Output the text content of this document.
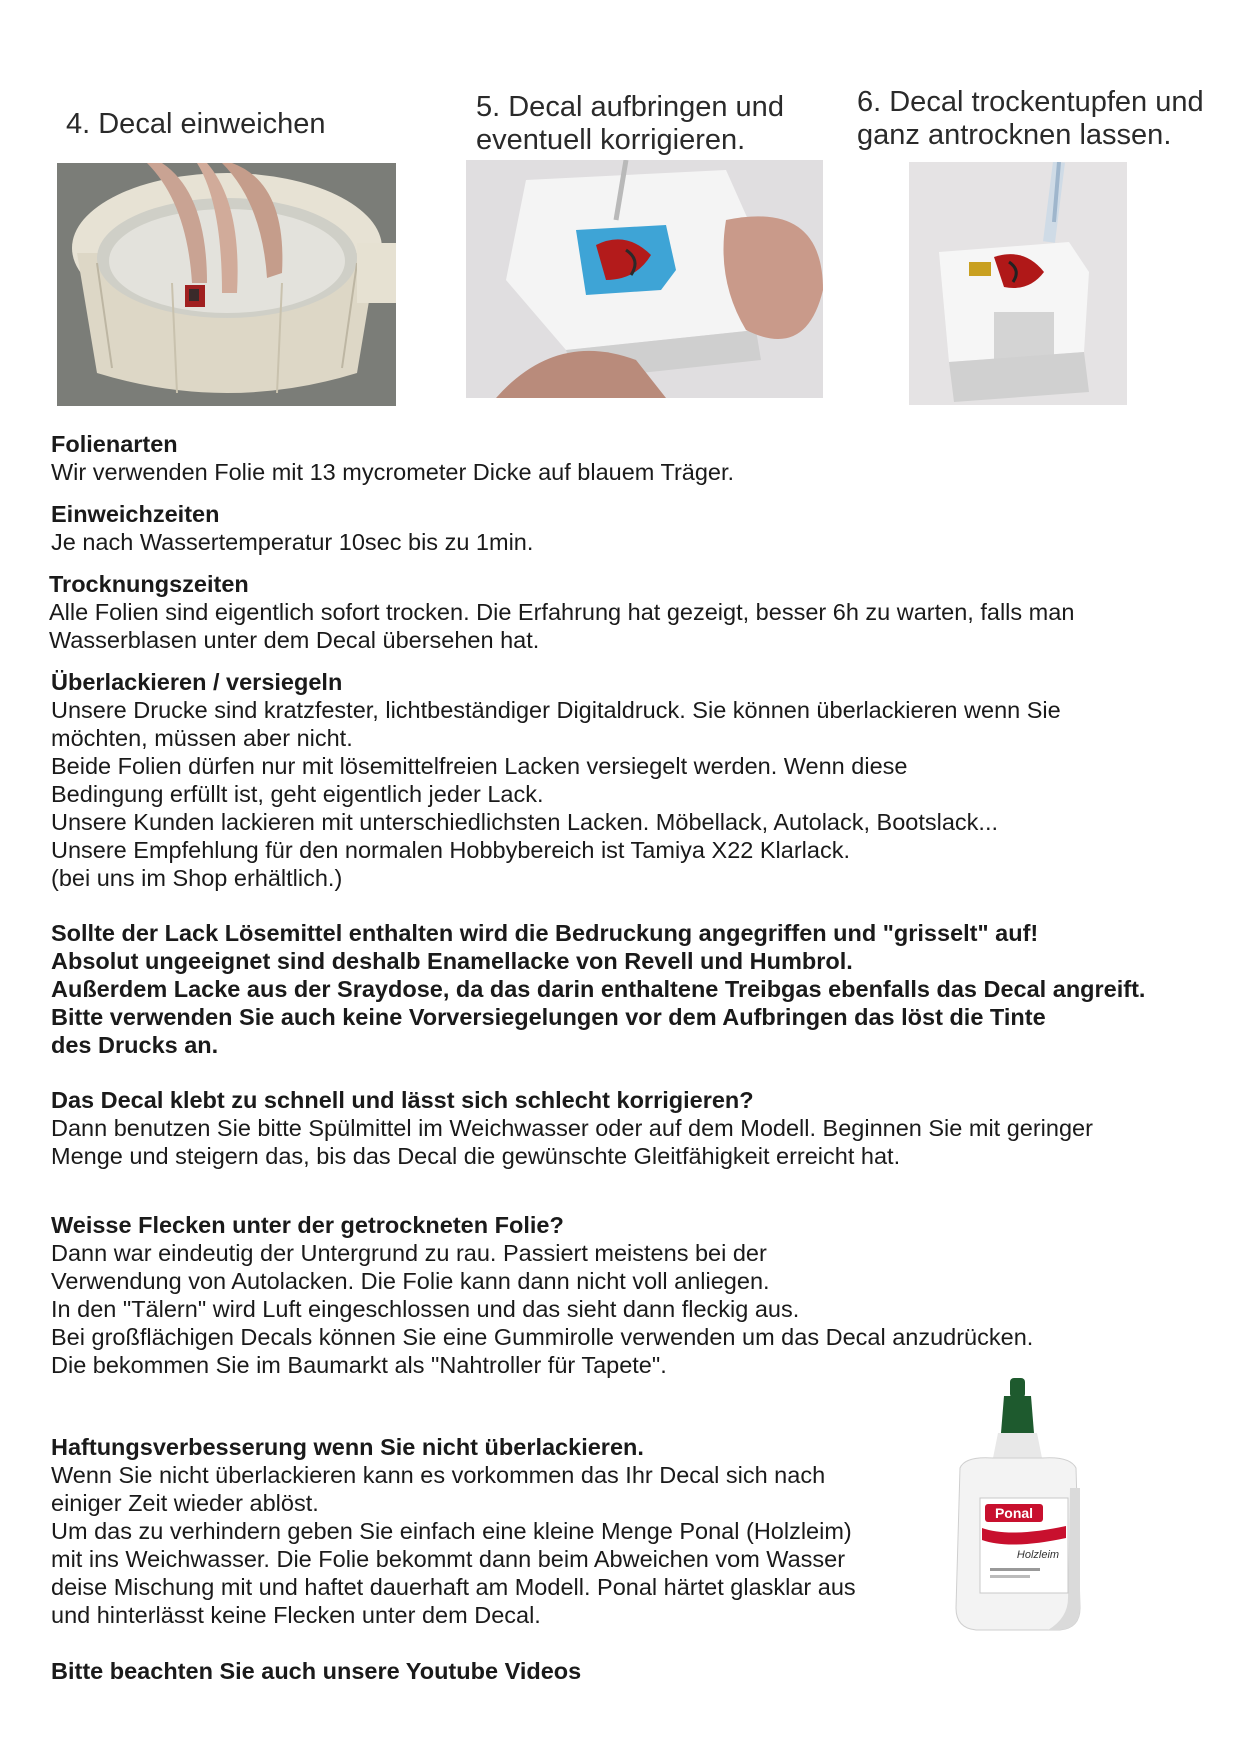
4. Decal einweichen
5. Decal aufbringen und
eventuell korrigieren.
6. Decal trockentupfen und
ganz antrocknen lassen.
Folienarten
Wir verwenden Folie mit 13 mycrometer Dicke auf blauem Träger.
Einweichzeiten
Je nach Wassertemperatur 10sec bis zu 1min.
Trocknungszeiten
Alle Folien sind eigentlich sofort trocken. Die Erfahrung hat gezeigt, besser 6h zu warten, falls man
Wasserblasen unter dem Decal übersehen hat.
Überlackieren / versiegeln
Unsere Drucke sind kratzfester, lichtbeständiger Digitaldruck. Sie können überlackieren wenn Sie
möchten, müssen aber nicht.
Beide Folien dürfen nur mit lösemittelfreien Lacken versiegelt werden. Wenn diese
Bedingung erfüllt ist, geht eigentlich jeder Lack.
Unsere Kunden lackieren mit unterschiedlichsten Lacken. Möbellack, Autolack, Bootslack...
Unsere Empfehlung für den normalen Hobbybereich ist Tamiya X22 Klarlack.
(bei uns im Shop erhältlich.)
Sollte der Lack Lösemittel enthalten wird die Bedruckung angegriffen und "grisselt" auf!
Absolut ungeeignet sind deshalb Enamellacke von Revell und Humbrol.
Außerdem Lacke aus der Sraydose, da das darin enthaltene Treibgas ebenfalls das Decal angreift.
Bitte verwenden Sie auch keine Vorversiegelungen vor dem Aufbringen das löst die Tinte
des Drucks an.
Das Decal klebt zu schnell und lässt sich schlecht korrigieren?
Dann benutzen Sie bitte Spülmittel im Weichwasser oder auf dem Modell. Beginnen Sie mit geringer
Menge und steigern das, bis das Decal die gewünschte Gleitfähigkeit erreicht hat.
Weisse Flecken unter der getrockneten Folie?
Dann war eindeutig der Untergrund zu rau. Passiert meistens bei der
Verwendung von Autolacken. Die Folie kann dann nicht voll anliegen.
In den "Tälern" wird Luft eingeschlossen und das sieht dann fleckig aus.
Bei großflächigen Decals können Sie eine Gummirolle verwenden um das Decal anzudrücken.
Die bekommen Sie im Baumarkt als "Nahtroller für Tapete".
Haftungsverbesserung wenn Sie nicht überlackieren.
Wenn Sie nicht überlackieren kann es vorkommen das Ihr Decal sich nach
einiger Zeit wieder ablöst.
Um das zu verhindern geben Sie einfach eine kleine Menge Ponal (Holzleim)
mit ins Weichwasser. Die Folie bekommt dann beim Abweichen vom Wasser
deise Mischung mit und haftet dauerhaft am Modell. Ponal härtet glasklar aus
und hinterlässt keine Flecken unter dem Decal.
Bitte beachten Sie auch unsere Youtube Videos
Ponal
Holzleim
